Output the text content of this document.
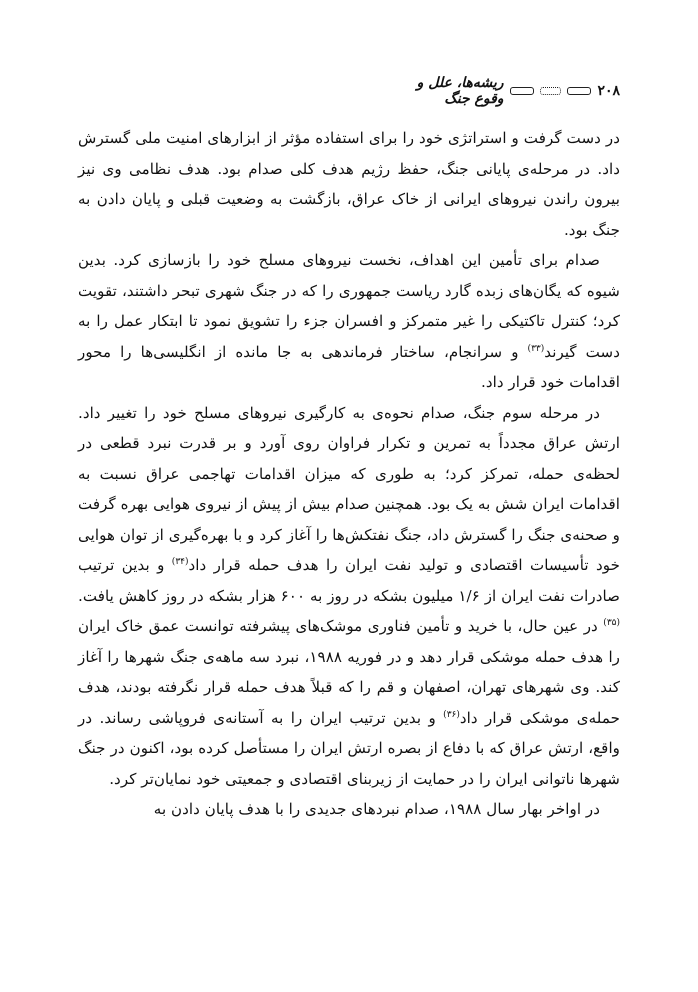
۲۰۸
ریشه‌ها، علل و وقوع جنگ

در دست گرفت و استراتژی خود را برای استفاده مؤثر از ابزارهای امنیت ملی گسترش داد. در مرحله‌ی پایانی جنگ، حفظ رژیم هدف کلی صدام بود. هدف نظامی وی نیز بیرون راندن نیروهای ایرانی از خاک عراق، بازگشت به وضعیت قبلی و پایان دادن به جنگ بود.

صدام برای تأمین این اهداف، نخست نیروهای مسلح خود را بازسازی کرد. بدین شیوه که یگان‌های زبده گارد ریاست جمهوری را که در جنگ شهری تبحر داشتند، تقویت کرد؛ کنترل تاکتیکی را غیر متمرکز و افسران جزء را تشویق نمود تا ابتکار عمل را به دست گیرند$^{(۳۳)}$ و سرانجام، ساختار فرماندهی به جا مانده از انگلیسی‌ها را محور اقدامات خود قرار داد.

در مرحله سوم جنگ، صدام نحوه‌ی به کارگیری نیروهای مسلح خود را تغییر داد. ارتش عراق مجدداً به تمرین و تکرار فراوان روی آورد و بر قدرت نبرد قطعی در لحظه‌ی حمله، تمرکز کرد؛ به طوری که میزان اقدامات تهاجمی عراق نسبت به اقدامات ایران شش به یک بود. همچنین صدام بیش از پیش از نیروی هوایی بهره گرفت و صحنه‌ی جنگ را گسترش داد، جنگ نفتکش‌ها را آغاز کرد و با بهره‌گیری از توان هوایی خود تأسیسات اقتصادی و تولید نفت ایران را هدف حمله قرار داد$^{(۳۴)}$ و بدین ترتیب صادرات نفت ایران از ۱/۶ میلیون بشکه در روز به ۶۰۰ هزار بشکه در روز کاهش یافت.$^{(۳۵)}$ در عین حال، با خرید و تأمین فناوری موشک‌های پیشرفته توانست عمق خاک ایران را هدف حمله موشکی قرار دهد و در فوریه ۱۹۸۸، نبرد سه ماهه‌ی جنگ شهرها را آغاز کند. وی شهرهای تهران، اصفهان و قم را که قبلاً هدف حمله قرار نگرفته بودند، هدف حمله‌ی موشکی قرار داد$^{(۳۶)}$ و بدین ترتیب ایران را به آستانه‌ی فروپاشی رساند. در واقع، ارتش عراق که با دفاع از بصره ارتش ایران را مستأصل کرده بود، اکنون در جنگ شهرها ناتوانی ایران را در حمایت از زیربنای اقتصادی و جمعیتی خود نمایان‌تر کرد.

در اواخر بهار سال ۱۹۸۸، صدام نبردهای جدیدی را با هدف پایان دادن به
